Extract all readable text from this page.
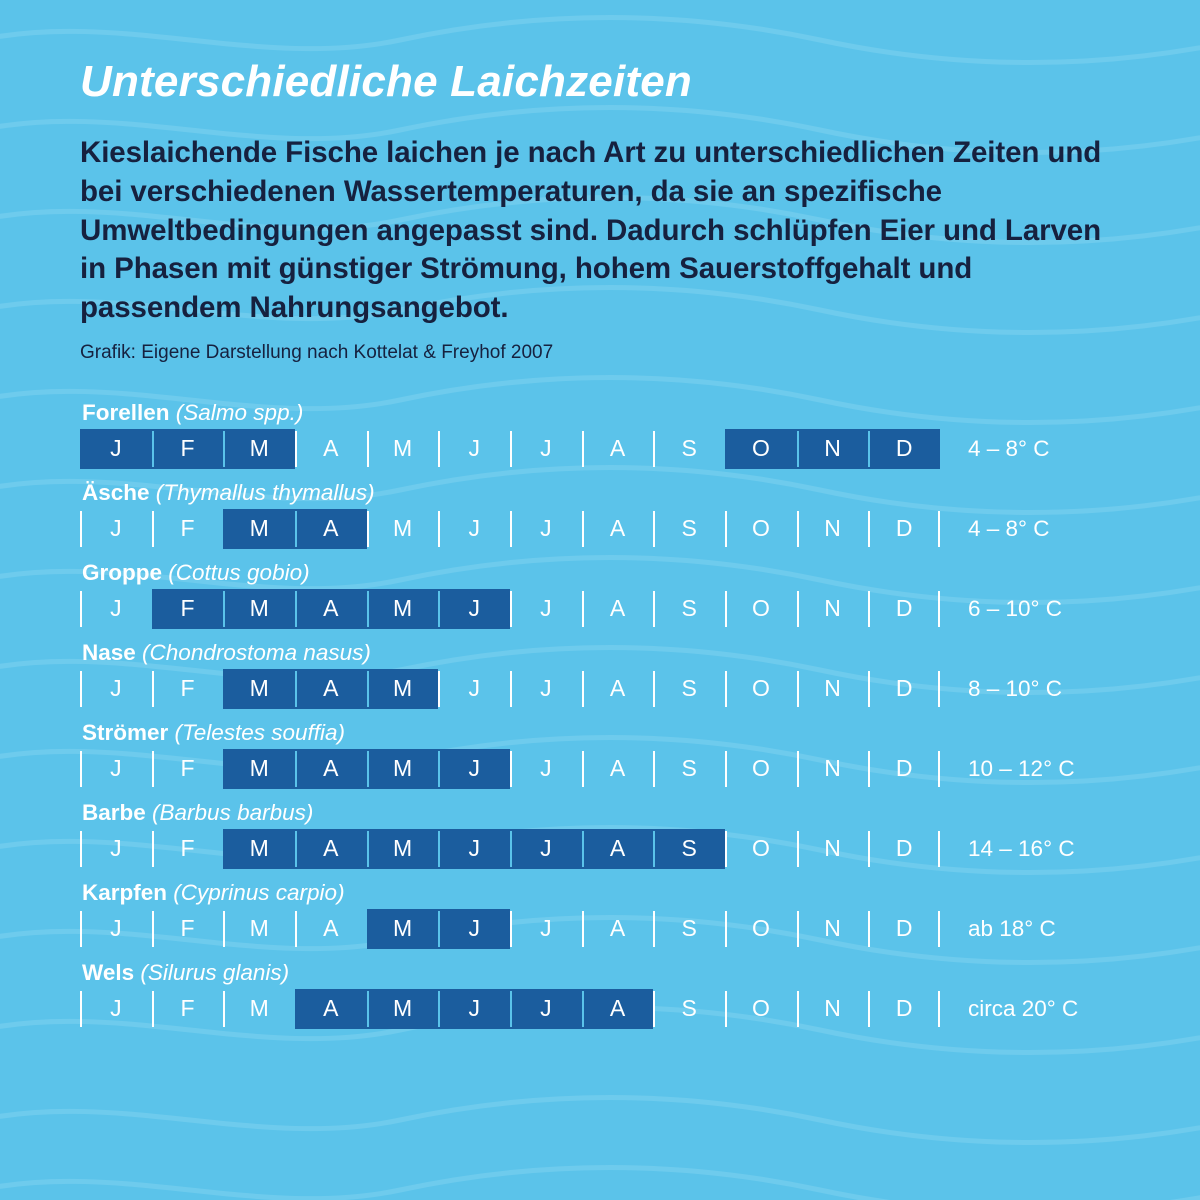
Unterschiedliche Laichzeiten

Kieslaichende Fische laichen je nach Art zu unterschiedlichen Zeiten und bei verschiedenen Wassertemperaturen, da sie an spezifische Umweltbedingungen angepasst sind. Dadurch schlüpfen Eier und Larven in Phasen mit günstiger Strömung, hohem Sauerstoffgehalt und passendem Nahrungsangebot.

Grafik: Eigene Darstellung nach Kottelat & Freyhof 2007

Forellen (Salmo spp.)
J	F	M	A	M	J	J	A	S	O	N	D	4 – 8° C
Äsche (Thymallus thymallus)
J	F	M	A	M	J	J	A	S	O	N	D	4 – 8° C
Groppe (Cottus gobio)
J	F	M	A	M	J	J	A	S	O	N	D	6 – 10° C
Nase (Chondrostoma nasus)
J	F	M	A	M	J	J	A	S	O	N	D	8 – 10° C
Strömer (Telestes souffia)
J	F	M	A	M	J	J	A	S	O	N	D	10 – 12° C
Barbe (Barbus barbus)
J	F	M	A	M	J	J	A	S	O	N	D	14 – 16° C
Karpfen (Cyprinus carpio)
J	F	M	A	M	J	J	A	S	O	N	D	ab 18° C
Wels (Silurus glanis)
J	F	M	A	M	J	J	A	S	O	N	D	circa 20° C
